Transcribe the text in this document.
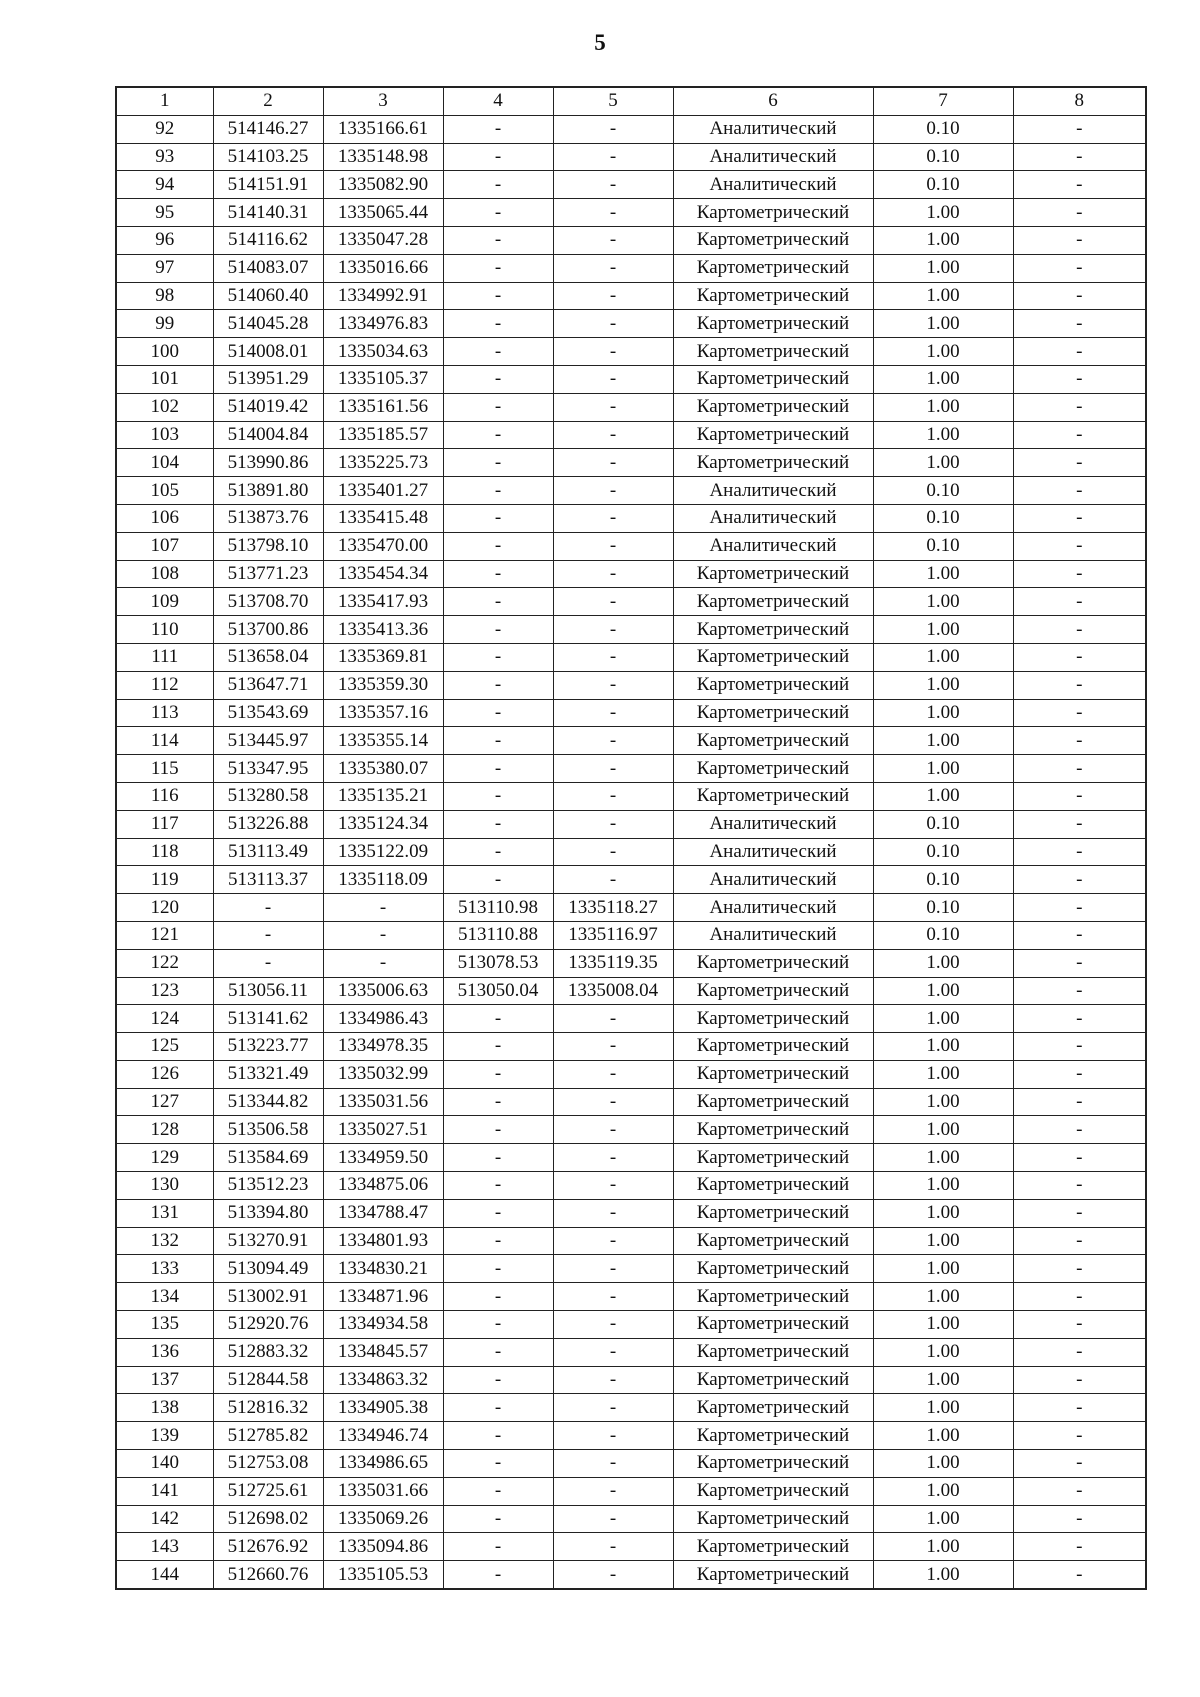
5
1	2	3	4	5	6	7	8
92	514146.27	1335166.61	-	-	Аналитический	0.10	-
93	514103.25	1335148.98	-	-	Аналитический	0.10	-
94	514151.91	1335082.90	-	-	Аналитический	0.10	-
95	514140.31	1335065.44	-	-	Картометрический	1.00	-
96	514116.62	1335047.28	-	-	Картометрический	1.00	-
97	514083.07	1335016.66	-	-	Картометрический	1.00	-
98	514060.40	1334992.91	-	-	Картометрический	1.00	-
99	514045.28	1334976.83	-	-	Картометрический	1.00	-
100	514008.01	1335034.63	-	-	Картометрический	1.00	-
101	513951.29	1335105.37	-	-	Картометрический	1.00	-
102	514019.42	1335161.56	-	-	Картометрический	1.00	-
103	514004.84	1335185.57	-	-	Картометрический	1.00	-
104	513990.86	1335225.73	-	-	Картометрический	1.00	-
105	513891.80	1335401.27	-	-	Аналитический	0.10	-
106	513873.76	1335415.48	-	-	Аналитический	0.10	-
107	513798.10	1335470.00	-	-	Аналитический	0.10	-
108	513771.23	1335454.34	-	-	Картометрический	1.00	-
109	513708.70	1335417.93	-	-	Картометрический	1.00	-
110	513700.86	1335413.36	-	-	Картометрический	1.00	-
111	513658.04	1335369.81	-	-	Картометрический	1.00	-
112	513647.71	1335359.30	-	-	Картометрический	1.00	-
113	513543.69	1335357.16	-	-	Картометрический	1.00	-
114	513445.97	1335355.14	-	-	Картометрический	1.00	-
115	513347.95	1335380.07	-	-	Картометрический	1.00	-
116	513280.58	1335135.21	-	-	Картометрический	1.00	-
117	513226.88	1335124.34	-	-	Аналитический	0.10	-
118	513113.49	1335122.09	-	-	Аналитический	0.10	-
119	513113.37	1335118.09	-	-	Аналитический	0.10	-
120	-	-	513110.98	1335118.27	Аналитический	0.10	-
121	-	-	513110.88	1335116.97	Аналитический	0.10	-
122	-	-	513078.53	1335119.35	Картометрический	1.00	-
123	513056.11	1335006.63	513050.04	1335008.04	Картометрический	1.00	-
124	513141.62	1334986.43	-	-	Картометрический	1.00	-
125	513223.77	1334978.35	-	-	Картометрический	1.00	-
126	513321.49	1335032.99	-	-	Картометрический	1.00	-
127	513344.82	1335031.56	-	-	Картометрический	1.00	-
128	513506.58	1335027.51	-	-	Картометрический	1.00	-
129	513584.69	1334959.50	-	-	Картометрический	1.00	-
130	513512.23	1334875.06	-	-	Картометрический	1.00	-
131	513394.80	1334788.47	-	-	Картометрический	1.00	-
132	513270.91	1334801.93	-	-	Картометрический	1.00	-
133	513094.49	1334830.21	-	-	Картометрический	1.00	-
134	513002.91	1334871.96	-	-	Картометрический	1.00	-
135	512920.76	1334934.58	-	-	Картометрический	1.00	-
136	512883.32	1334845.57	-	-	Картометрический	1.00	-
137	512844.58	1334863.32	-	-	Картометрический	1.00	-
138	512816.32	1334905.38	-	-	Картометрический	1.00	-
139	512785.82	1334946.74	-	-	Картометрический	1.00	-
140	512753.08	1334986.65	-	-	Картометрический	1.00	-
141	512725.61	1335031.66	-	-	Картометрический	1.00	-
142	512698.02	1335069.26	-	-	Картометрический	1.00	-
143	512676.92	1335094.86	-	-	Картометрический	1.00	-
144	512660.76	1335105.53	-	-	Картометрический	1.00	-
